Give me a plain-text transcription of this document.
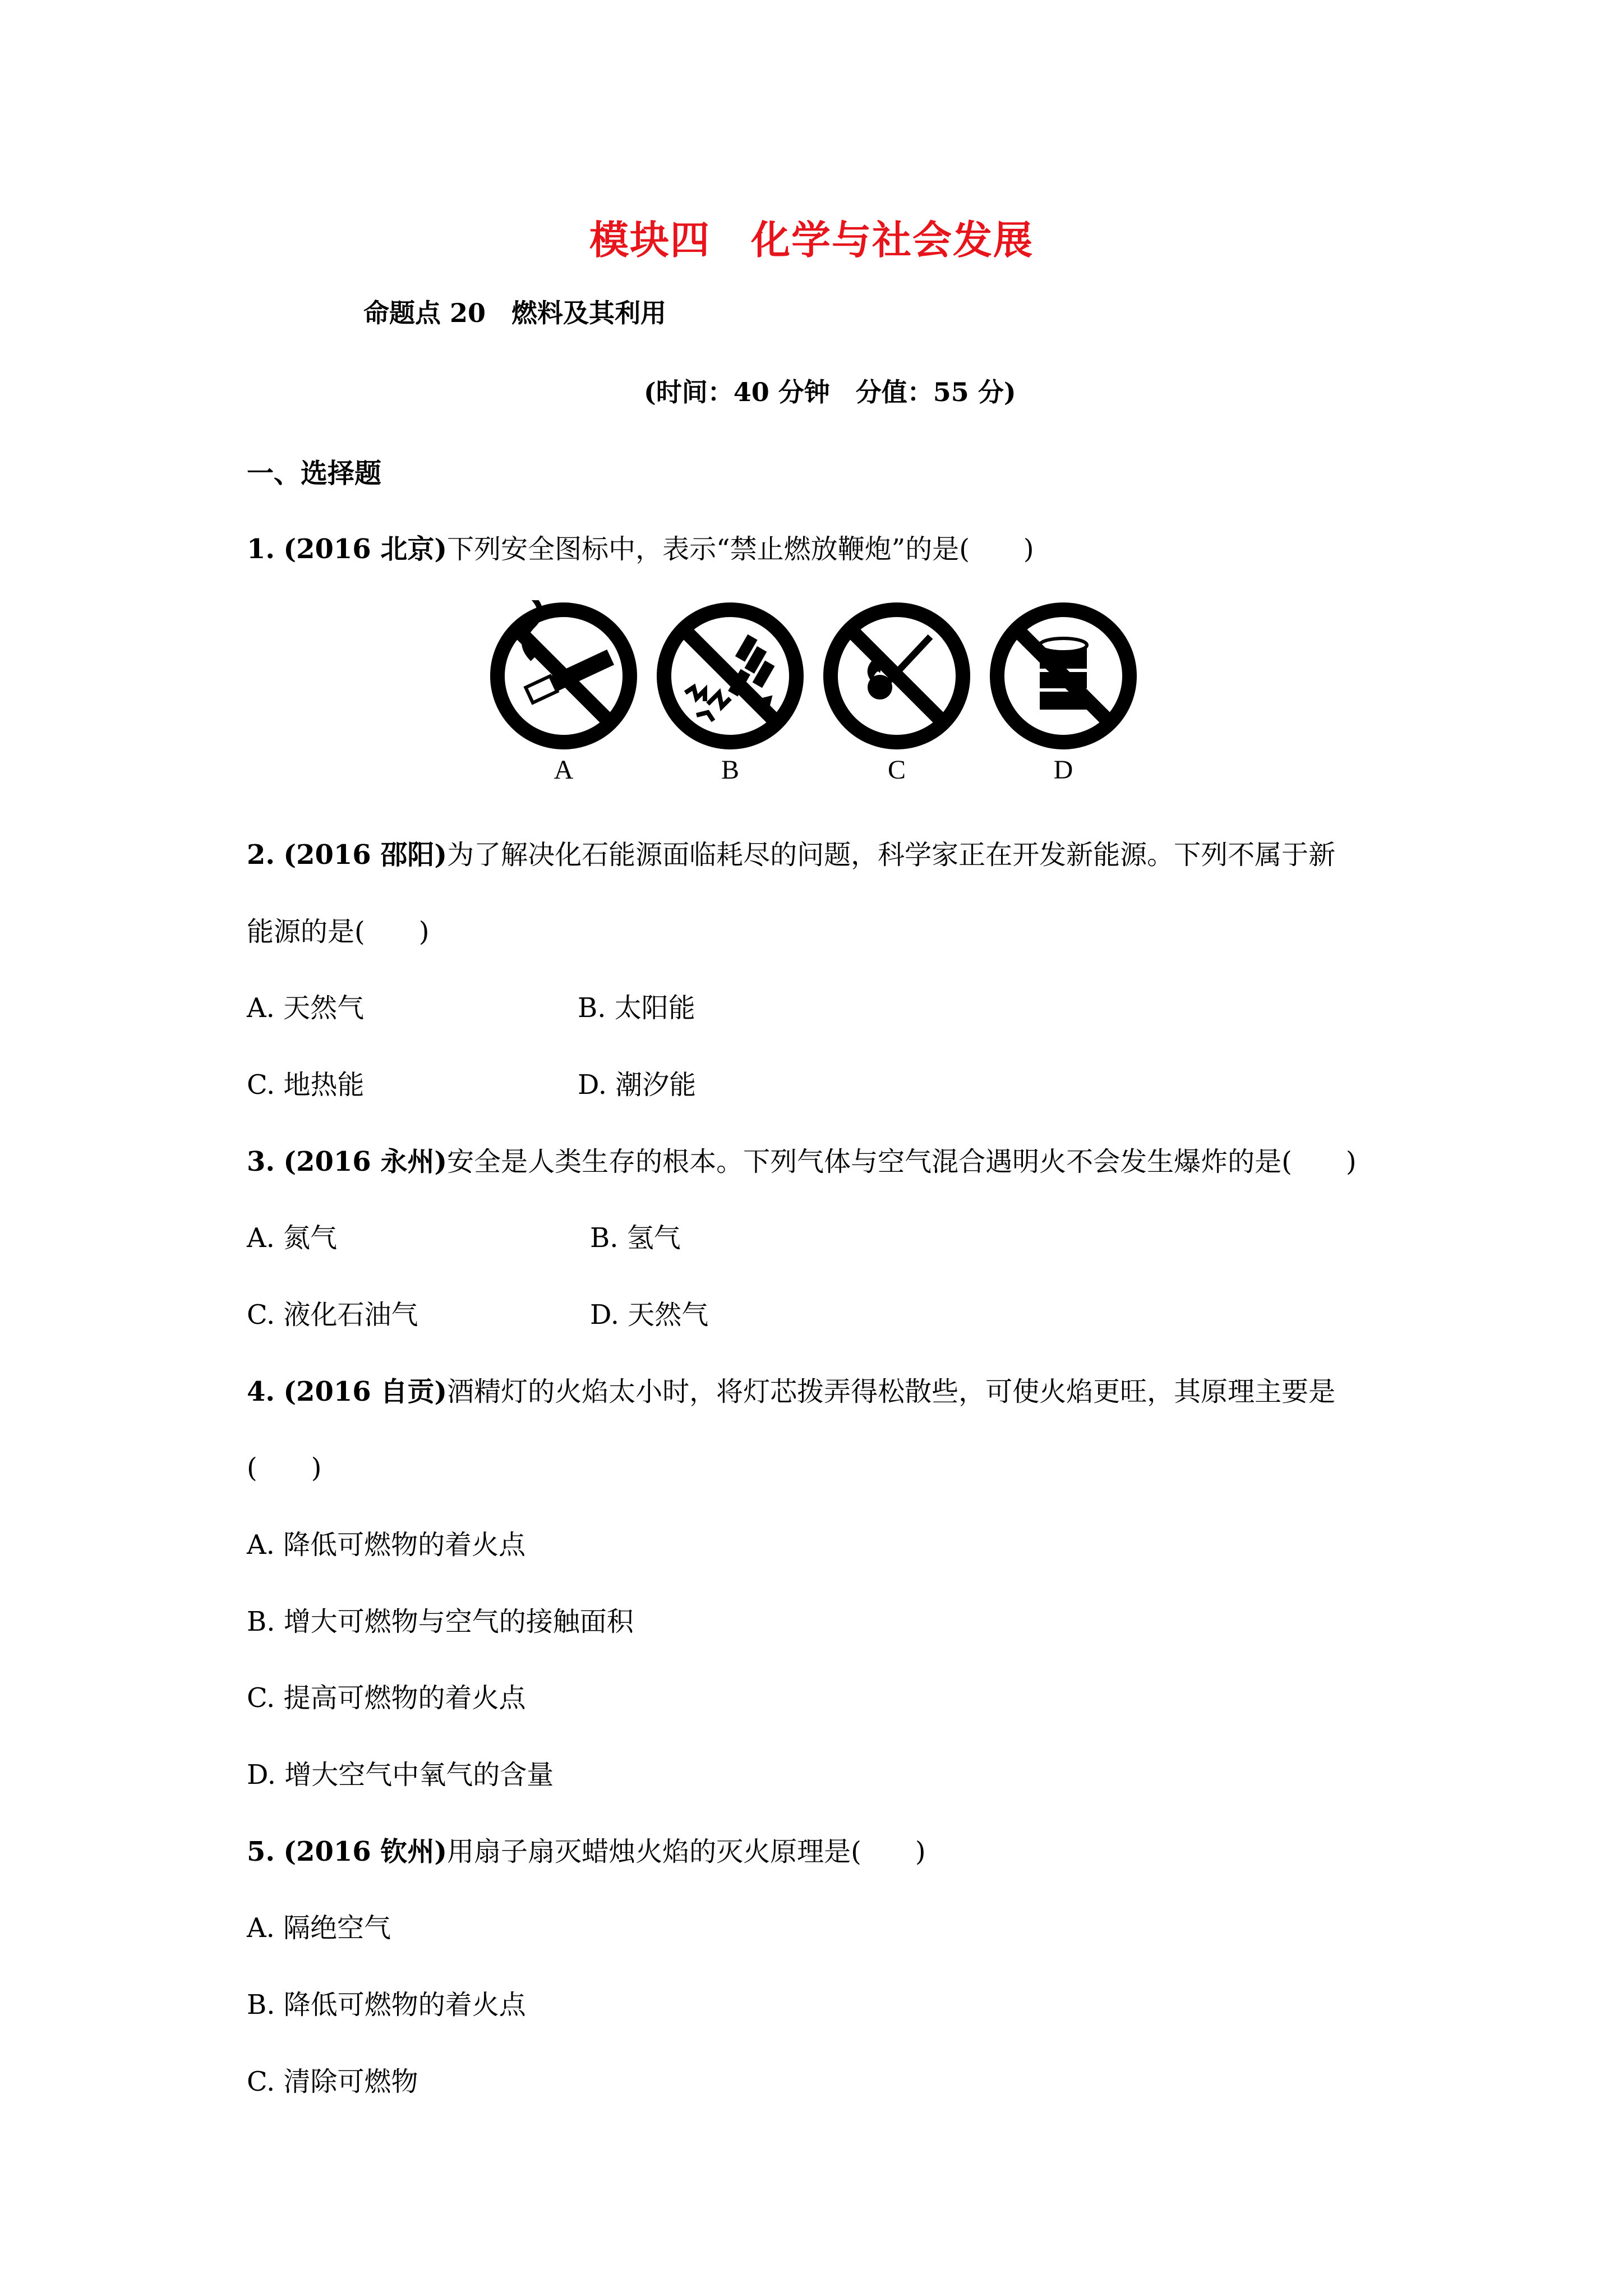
模块四　化学与社会发展
命题点 20　燃料及其利用
(时间：40 分钟　分值：55 分)
一、选择题
1. (2016 北京)下列安全图标中，表示“禁止燃放鞭炮”的是(　　)
A	B	C	D
2. (2016 邵阳)为了解决化石能源面临耗尽的问题，科学家正在开发新能源。下列不属于新
能源的是(　　)
A. 天然气	B. 太阳能
C. 地热能	D. 潮汐能
3. (2016 永州)安全是人类生存的根本。下列气体与空气混合遇明火不会发生爆炸的是(　　)
A. 氮气	B. 氢气
C. 液化石油气	D. 天然气
4. (2016 自贡)酒精灯的火焰太小时，将灯芯拨弄得松散些，可使火焰更旺，其原理主要是
(　　)
A. 降低可燃物的着火点
B. 增大可燃物与空气的接触面积
C. 提高可燃物的着火点
D. 增大空气中氧气的含量
5. (2016 钦州)用扇子扇灭蜡烛火焰的灭火原理是(　　)
A. 隔绝空气
B. 降低可燃物的着火点
C. 清除可燃物
